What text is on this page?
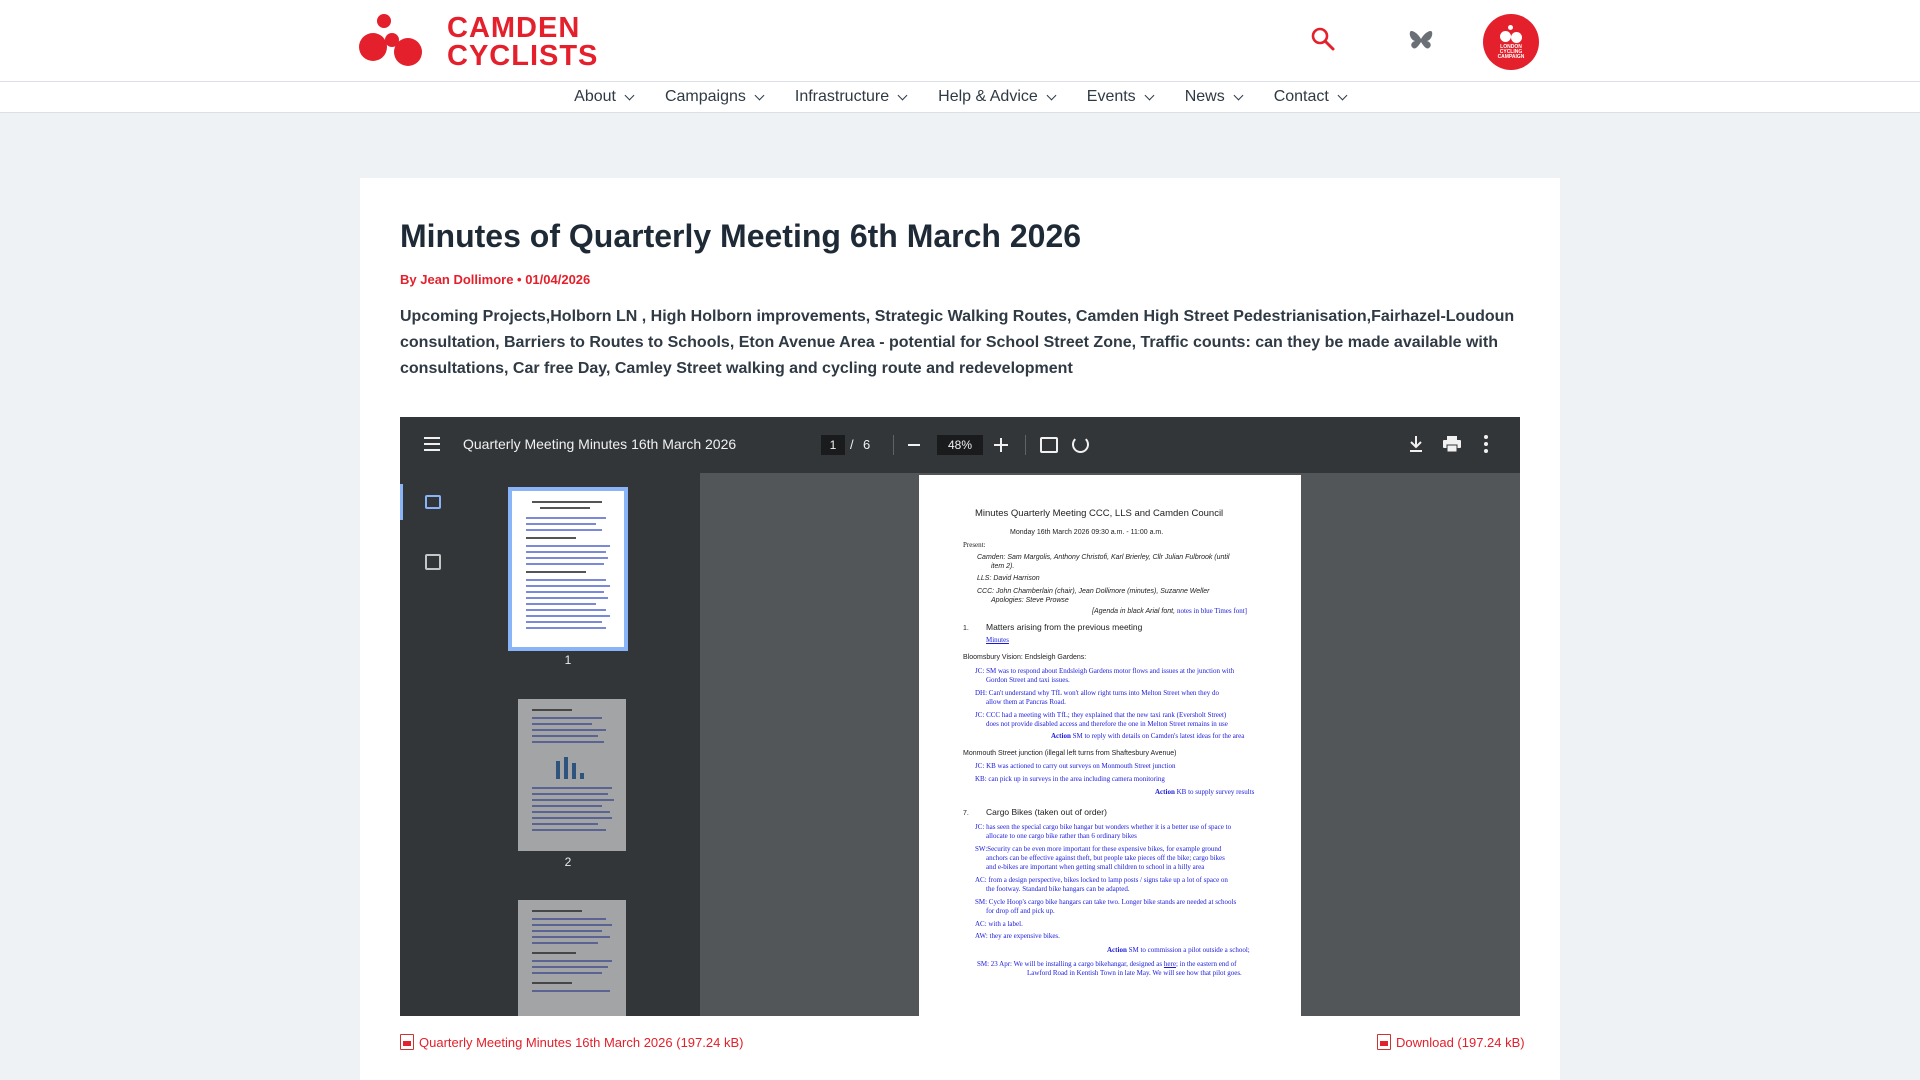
CAMDEN
CYCLISTS	LONDON CYCLING CAMPAIGN
About	Campaigns	Infrastructure	Help & Advice	Events	News	Contact
Minutes of Quarterly Meeting 6th March 2026
By Jean Dollimore • 01/04/2026

Upcoming Projects,Holborn LN , High Holborn improvements, Strategic Walking Routes, Camden High Street Pedestrianisation,Fairhazel-Loudoun consultation, Barriers to Routes to Schools, Eton Avenue Area - potential for School Street Zone, Traffic counts: can they be made available with consultations, Car free Day, Camley Street walking and cycling route and redevelopment

Quarterly Meeting Minutes 16th March 2026	1	/ 6	48%
1
2
Minutes Quarterly Meeting CCC, LLS and Camden Council
Monday 16th March 2026 09:30 a.m. - 11:00 a.m.
Present:
Camden: Sam Margolis, Anthony Christofi, Karl Brierley, Cllr Julian Fulbrook (until
item 2).
LLS: David Harrison
CCC: John Chamberlain (chair), Jean Dollimore (minutes), Suzanne Weller
Apologies: Steve Prowse
[Agenda in black Arial font, notes in blue Times font]
1. Matters arising from the previous meeting
Minutes
Bloomsbury Vision: Endsleigh Gardens:
JC: SM was to respond about Endsleigh Gardens motor flows and issues at the junction with
Gordon Street and taxi issues.
DH: Can't understand why TfL won't allow right turns into Melton Street when they do
allow them at Pancras Road.
JC: CCC had a meeting with TfL; they explained that the new taxi rank (Eversholt Street)
does not provide disabled access and therefore the one in Melton Street remains in use
Action SM to reply with details on Camden's latest ideas for the area
Monmouth Street junction (illegal left turns from Shaftesbury Avenue)
JC: KB was actioned to carry out surveys on Monmouth Street junction
KB: can pick up in surveys in the area including camera monitoring
Action KB to supply survey results
7. Cargo Bikes (taken out of order)
JC: has seen the special cargo bike hangar but wonders whether it is a better use of space to
allocate to one cargo bike rather than 6 ordinary bikes
SW:Security can be even more important for these expensive bikes, for example ground
anchors can be effective against theft, but people take pieces off the bike; cargo bikes
and e-bikes are important when getting small children to school in a hilly area
AC: from a design perspective, bikes locked to lamp posts / signs take up a lot of space on
the footway. Standard bike hangars can be adapted.
SM: Cycle Hoop's cargo bike hangars can take two. Longer bike stands are needed at schools
for drop off and pick up.
AC: with a label.
AW: they are expensive bikes.
Action SM to commission a pilot outside a school;
SM: 23 Apr: We will be installing a cargo bikehangar, designed as here; in the eastern end of
Lawford Road in Kentish Town in late May. We will see how that pilot goes.
Quarterly Meeting Minutes 16th March 2026 (197.24 kB)	Download (197.24 kB)
